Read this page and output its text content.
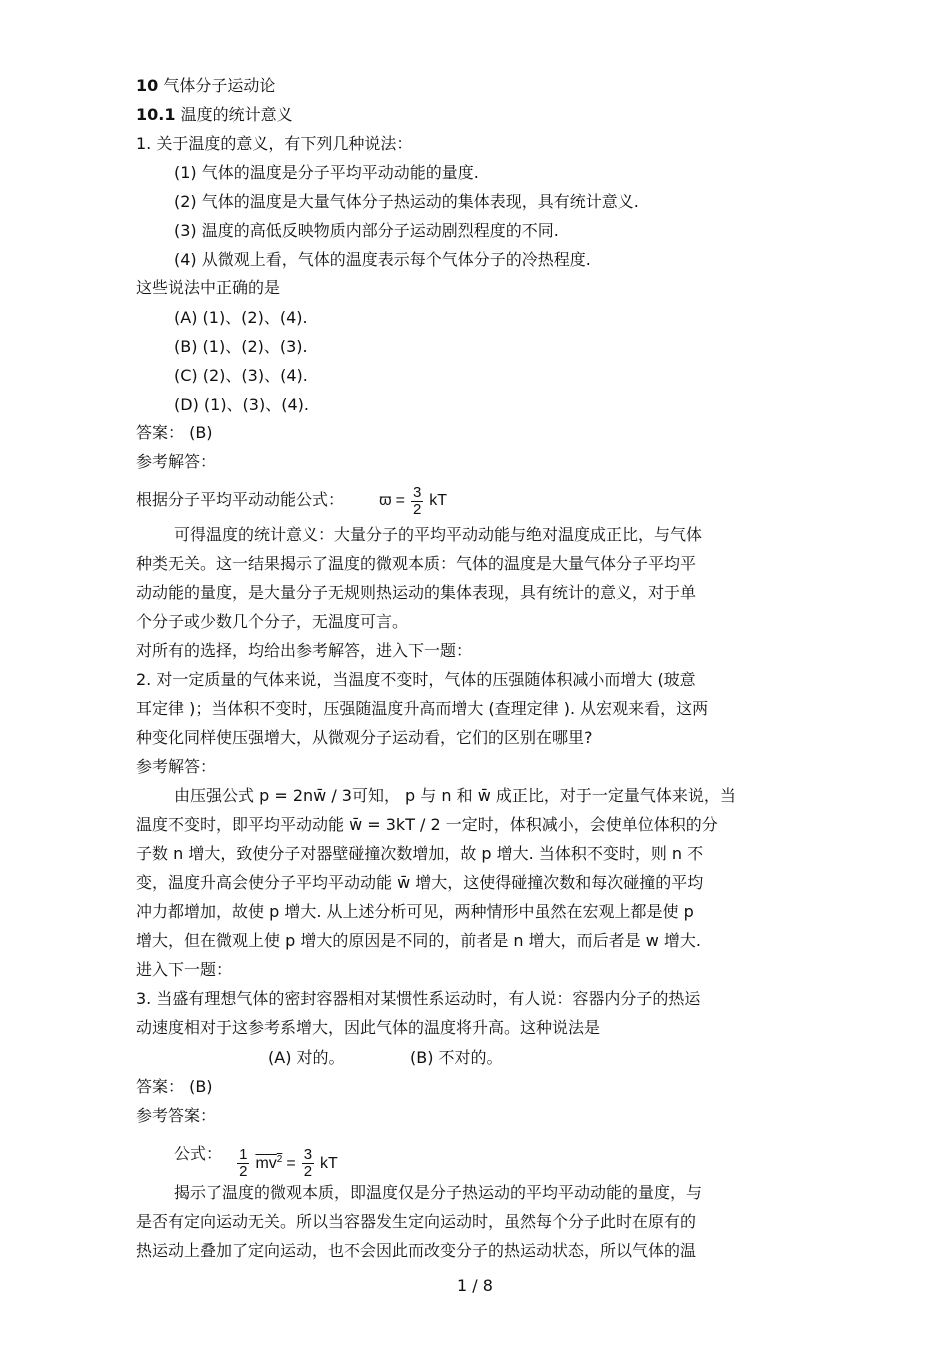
10 气体分子运动论
10.1 温度的统计意义
1. 关于温度的意义，有下列几种说法：
(1) 气体的温度是分子平均平动动能的量度.
(2) 气体的温度是大量气体分子热运动的集体表现，具有统计意义.
(3) 温度的高低反映物质内部分子运动剧烈程度的不同.
(4) 从微观上看，气体的温度表示每个气体分子的冷热程度.
这些说法中正确的是
(A) (1)、(2)、(4).
(B) (1)、(2)、(3).
(C) (2)、(3)、(4).
(D) (1)、(3)、(4).
答案： (B)
参考解答：
根据分子平均平动动能公式： $ϖ = \frac{3}{2}$ kT
可得温度的统计意义：大量分子的平均平动动能与绝对温度成正比，与气体
种类无关。这一结果揭示了温度的微观本质：气体的温度是大量气体分子平均平
动动能的量度，是大量分子无规则热运动的集体表现，具有统计的意义，对于单
个分子或少数几个分子，无温度可言。
对所有的选择，均给出参考解答，进入下一题：
2. 对一定质量的气体来说，当温度不变时，气体的压强随体积减小而增大 (玻意
耳定律 )；当体积不变时，压强随温度升高而增大 (查理定律 ). 从宏观来看，这两
种变化同样使压强增大，从微观分子运动看，它们的区别在哪里?
参考解答：
由压强公式 p = 2nw̄ / 3可知， p 与 n 和 w̄ 成正比，对于一定量气体来说，当
温度不变时，即平均平动动能 w̄ = 3kT / 2 一定时，体积减小，会使单位体积的分
子数 n 增大，致使分子对器壁碰撞次数增加，故 p 增大. 当体积不变时，则 n 不
变，温度升高会使分子平均平动动能 w̄ 增大，这使得碰撞次数和每次碰撞的平均
冲力都增加，故使 p 增大. 从上述分析可见，两种情形中虽然在宏观上都是使 p
增大，但在微观上使 p 增大的原因是不同的，前者是 n 增大，而后者是 w 增大.
进入下一题：
3. 当盛有理想气体的密封容器相对某惯性系运动时，有人说：容器内分子的热运
动速度相对于这参考系增大，因此气体的温度将升高。这种说法是
(A) 对的。	(B) 不对的。
答案： (B)
参考答案：
公式： $\frac{1}{2} mv^2 = \frac{3}{2}$ kT
揭示了温度的微观本质，即温度仅是分子热运动的平均平动动能的量度，与
是否有定向运动无关。所以当容器发生定向运动时，虽然每个分子此时在原有的
热运动上叠加了定向运动，也不会因此而改变分子的热运动状态，所以气体的温
1 / 8
